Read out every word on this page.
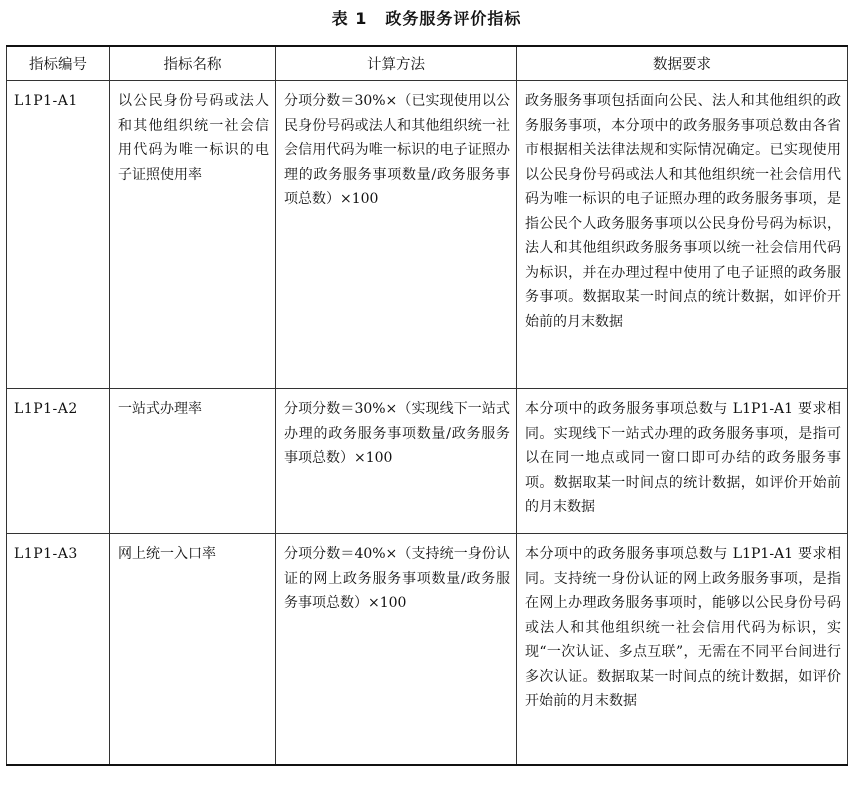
表 1 政务服务评价指标
指标编号	指标名称	计算方法	数据要求
L1P1-A1	以公民身份号码或法人和其他组织统一社会信用代码为唯一标识的电子证照使用率	分项分数＝30%×（已实现使用以公民身份号码或法人和其他组织统一社会信用代码为唯一标识的电子证照办理的政务服务事项数量/政务服务事项总数）×100	政务服务事项包括面向公民、法人和其他组织的政务服务事项，本分项中的政务服务事项总数由各省市根据相关法律法规和实际情况确定。已实现使用以公民身份号码或法人和其他组织统一社会信用代码为唯一标识的电子证照办理的政务服务事项，是指公民个人政务服务事项以公民身份号码为标识，法人和其他组织政务服务事项以统一社会信用代码为标识，并在办理过程中使用了电子证照的政务服务事项。数据取某一时间点的统计数据，如评价开始前的月末数据
L1P1-A2	一站式办理率	分项分数＝30%×（实现线下一站式办理的政务服务事项数量/政务服务事项总数）×100	本分项中的政务服务事项总数与 L1P1-A1 要求相同。实现线下一站式办理的政务服务事项，是指可以在同一地点或同一窗口即可办结的政务服务事项。数据取某一时间点的统计数据，如评价开始前的月末数据
L1P1-A3	网上统一入口率	分项分数＝40%×（支持统一身份认证的网上政务服务事项数量/政务服务事项总数）×100	本分项中的政务服务事项总数与 L1P1-A1 要求相同。支持统一身份认证的网上政务服务事项，是指在网上办理政务服务事项时，能够以公民身份号码或法人和其他组织统一社会信用代码为标识，实现“一次认证、多点互联”，无需在不同平台间进行多次认证。数据取某一时间点的统计数据，如评价开始前的月末数据
